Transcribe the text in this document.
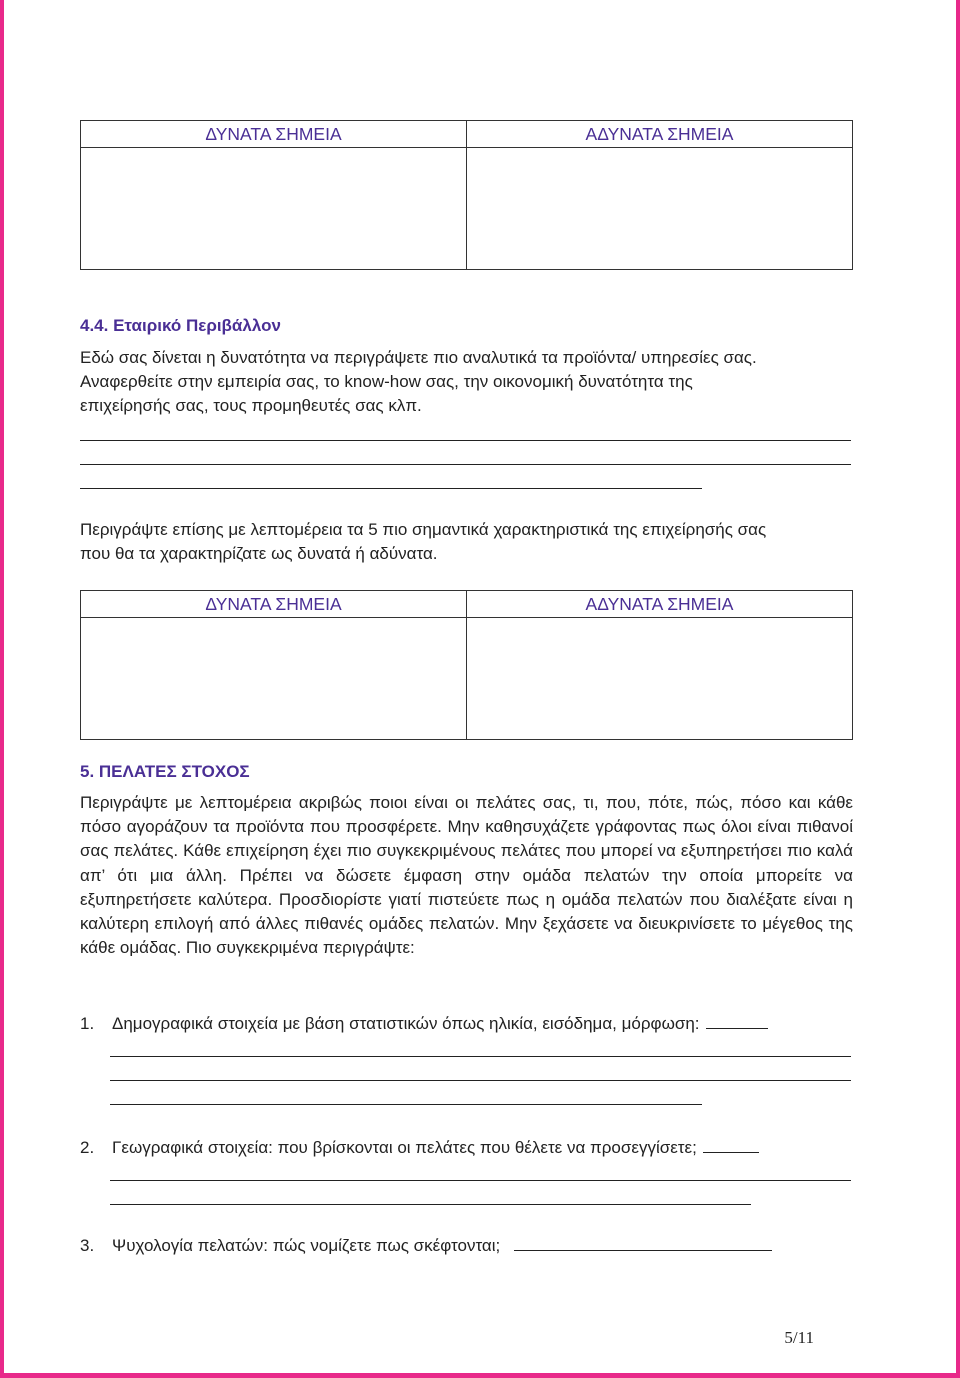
ΔΥΝΑΤΑ ΣΗΜΕΙΑ	ΑΔΥΝΑΤΑ ΣΗΜΕΙΑ
4.4. Εταιρικό Περιβάλλον
Εδώ σας δίνεται η δυνατότητα να περιγράψετε πιο αναλυτικά τα προϊόντα/ υπηρεσίες σας.
Αναφερθείτε στην εμπειρία σας, το know-how σας, την οικονομική δυνατότητα της
επιχείρησής σας, τους προμηθευτές σας κλπ.
Περιγράψτε επίσης με λεπτομέρεια τα 5 πιο σημαντικά χαρακτηριστικά της επιχείρησής σας
που θα τα χαρακτηρίζατε ως δυνατά ή αδύνατα.
ΔΥΝΑΤΑ ΣΗΜΕΙΑ	ΑΔΥΝΑΤΑ ΣΗΜΕΙΑ
5. ΠΕΛΑΤΕΣ ΣΤΟΧΟΣ
Περιγράψτε με λεπτομέρεια ακριβώς ποιοι είναι οι πελάτες σας, τι, που, πότε, πώς, πόσο και κάθε πόσο αγοράζουν τα προϊόντα που προσφέρετε. Μην καθησυχάζετε γράφοντας πως όλοι είναι πιθανοί σας πελάτες. Κάθε επιχείρηση έχει πιο συγκεκριμένους πελάτες που μπορεί να εξυπηρετήσει πιο καλά απ’ ότι μια άλλη. Πρέπει να δώσετε έμφαση στην ομάδα πελατών την οποία μπορείτε να εξυπηρετήσετε καλύτερα. Προσδιορίστε γιατί πιστεύετε πως η ομάδα πελατών που διαλέξατε είναι η καλύτερη επιλογή από άλλες πιθανές ομάδες πελατών. Μην ξεχάσετε να διευκρινίσετε το μέγεθος της κάθε ομάδας. Πιο συγκεκριμένα περιγράψτε:
1. Δημογραφικά στοιχεία με βάση στατιστικών όπως ηλικία, εισόδημα, μόρφωση:
2. Γεωγραφικά στοιχεία: που βρίσκονται οι πελάτες που θέλετε να προσεγγίσετε;
3. Ψυχολογία πελατών: πώς νομίζετε πως σκέφτονται;
5/11
